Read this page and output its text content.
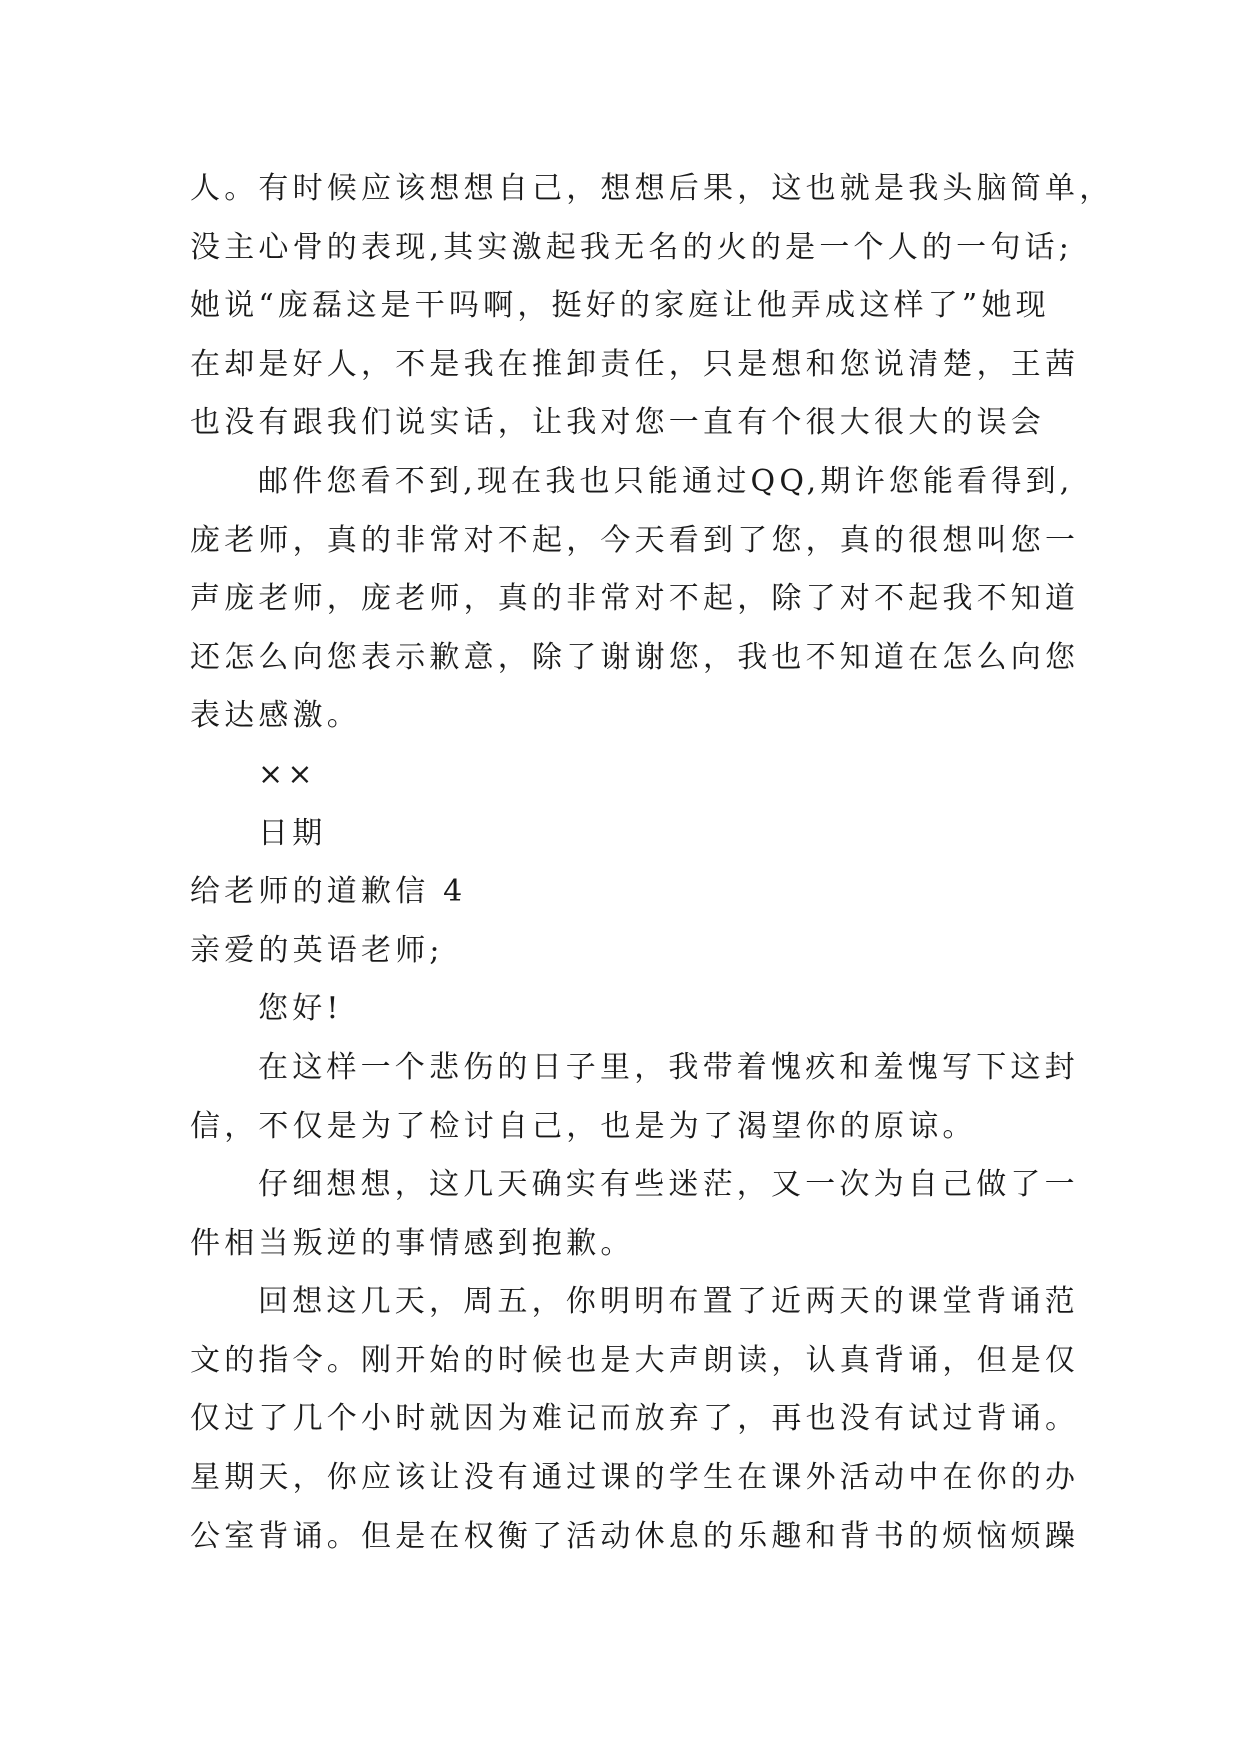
人。有时候应该想想自己，想想后果，这也就是我头脑简单，
没主心骨的表现,其实激起我无名的火的是一个人的一句话;
她说“庞磊这是干吗啊，挺好的家庭让他弄成这样了”她现
在却是好人，不是我在推卸责任，只是想和您说清楚，王茜
也没有跟我们说实话，让我对您一直有个很大很大的误会
邮件您看不到,现在我也只能通过QQ,期许您能看得到,
庞老师，真的非常对不起，今天看到了您，真的很想叫您一
声庞老师，庞老师，真的非常对不起，除了对不起我不知道
还怎么向您表示歉意，除了谢谢您，我也不知道在怎么向您
表达感激。
××
日期
给老师的道歉信 4
亲爱的英语老师;
您好!
在这样一个悲伤的日子里，我带着愧疚和羞愧写下这封
信，不仅是为了检讨自己，也是为了渴望你的原谅。
仔细想想，这几天确实有些迷茫，又一次为自己做了一
件相当叛逆的事情感到抱歉。
回想这几天，周五，你明明布置了近两天的课堂背诵范
文的指令。刚开始的时候也是大声朗读，认真背诵，但是仅
仅过了几个小时就因为难记而放弃了，再也没有试过背诵。
星期天，你应该让没有通过课的学生在课外活动中在你的办
公室背诵。但是在权衡了活动休息的乐趣和背书的烦恼烦躁
